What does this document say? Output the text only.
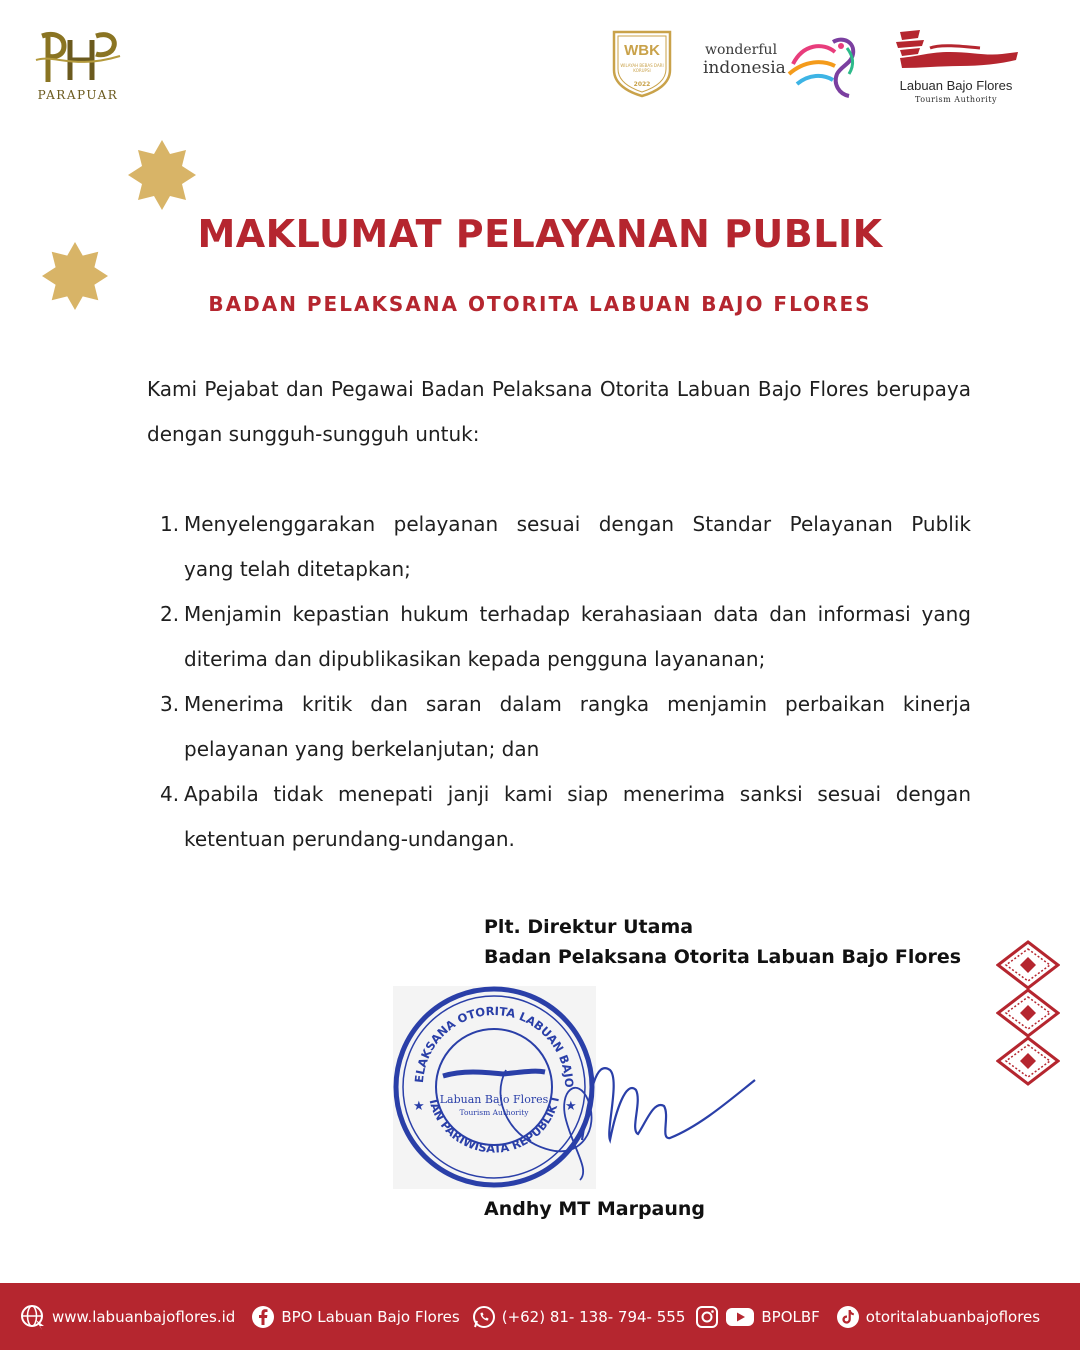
PARAPUAR
WBK
WILAYAH BEBAS DARI KORUPSI
2022
wonderful
indonesia
Labuan Bajo Flores
Tourism Authority
MAKLUMAT PELAYANAN PUBLIK
BADAN PELAKSANA OTORITA LABUAN BAJO FLORES

Kami Pejabat dan Pegawai Badan Pelaksana Otorita Labuan Bajo Flores berupaya dengan sungguh-sungguh untuk:

1. Menyelenggarakan pelayanan sesuai dengan Standar Pelayanan Publik    yang telah ditetapkan;
2. Menjamin kepastian hukum terhadap kerahasiaan data dan informasi yang diterima dan dipublikasikan kepada pengguna layananan;
3. Menerima kritik dan saran dalam rangka menjamin perbaikan kinerja pelayanan yang berkelanjutan; dan
4. Apabila tidak menepati janji kami siap menerima sanksi sesuai dengan ketentuan perundang-undangan.
Plt. Direktur Utama
Badan Pelaksana Otorita Labuan Bajo Flores
ELAKSANA OTORITA LABUAN BAJO
IAN PARIWISATA REPUBLIK I
★	★
Labuan Bajo Flores
Tourism Authority
Andhy MT Marpaung
www.labuanbajoflores.id	BPO Labuan Bajo Flores	(+62) 81- 138- 794- 555	BPOLBF	otoritalabuanbajoflores
